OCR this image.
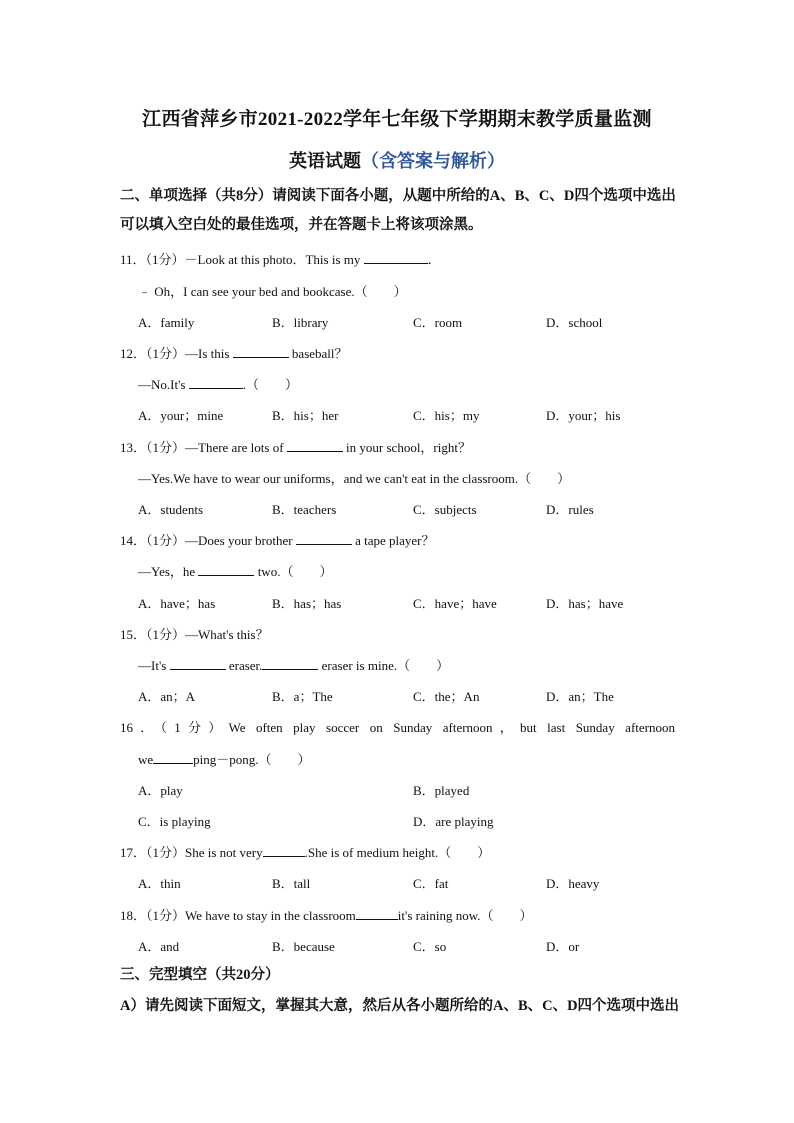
江西省萍乡市2021-2022学年七年级下学期期末教学质量监测
英语试题（含答案与解析）
二、单项选择（共8分）请阅读下面各小题，从题中所给的A、B、C、D四个选项中选出
可以填入空白处的最佳选项，并在答题卡上将该项涂黑。
11．（1分）－Look at this photo．This is my	．
﹣ Oh，I can see your bed and bookcase.（　　）
A．family	B．library	C．room	D．school
12．（1分）—Is this	baseball？
—No.It's	.（　　）
A．your；mine	B．his；her	C．his；my	D．your；his
13．（1分）—There are lots of	in your school，right？
—Yes.We have to wear our uniforms，and we can't eat in the classroom.（　　）
A．students	B．teachers	C．subjects	D．rules
14．（1分）—Does your brother	a tape player？
—Yes，he	two.（　　）
A．have；has	B．has；has	C．have；have	D．has；have
15．（1分）—What's this？
—It's	eraser.	eraser is mine.（　　）
A．an；A	B．a；The	C．the；An	D．an；The
16．（1分）We often play soccer on Sunday afternoon，but last Sunday afternoon
we	ping－pong.（　　）
A．play	B．played
C．is playing	D．are playing
17．（1分）She is not very	.She is of medium height.（　　）
A．thin	B．tall	C．fat	D．heavy
18．（1分）We have to stay in the classroom	it's raining now.（　　）
A．and	B．because	C．so	D．or
三、完型填空（共20分）
A）请先阅读下面短文，掌握其大意，然后从各小题所给的A、B、C、D四个选项中选出
